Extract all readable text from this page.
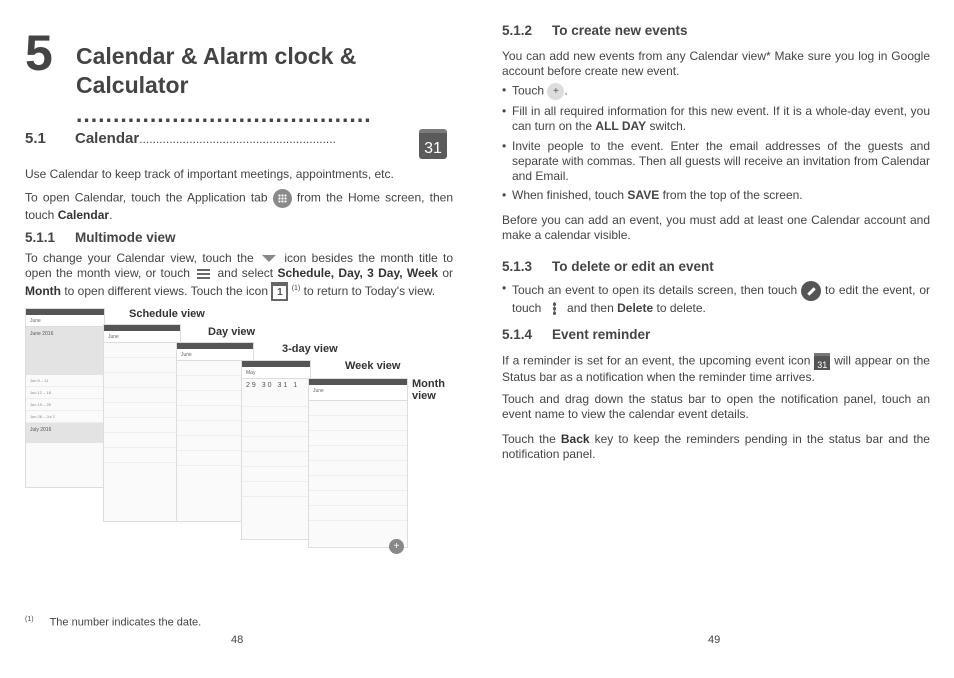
5 Calendar & Alarm clock &
Calculator ........................................
5.1 Calendar...........................................................
31
Use Calendar to keep track of important meetings, appointments, etc.
To open Calendar, touch the Application tab from the Home screen, then touch Calendar.
5.1.1 Multimode view
To change your Calendar view, touch the	icon besides the month title to open the month view, or touch and select Schedule, Day, 3 Day, Week or Month to open different views. Touch the icon 1 $^{(1)}$ to return to Today's view.
June
June 2016
Jun 5 – 11
Jun 12 – 18
Jun 19 – 25
Jun 26 – Jul 2
July 2016
Schedule view
June	Day view
June	3-day view
May
29 30 31 1
Week view
June
Month view
+
$^{(1)}$ The number indicates the date.
48
5.1.2 To create new events
You can add new events from any Calendar view* Make sure you log in Google account before create new event.
• Touch + .
• Fill in all required information for this new event. If it is a whole-day event, you can turn on the ALL DAY switch.
• Invite people to the event. Enter the email addresses of the guests and separate with commas. Then all guests will receive an invitation from Calendar and Email.
• When finished, touch SAVE from the top of the screen.
Before you can add an event, you must add at least one Calendar account and make a calendar visible.
5.1.3 To delete or edit an event
• Touch an event to open its details screen, then touch to edit the event, or touch and then Delete to delete.
5.1.4 Event reminder
If a reminder is set for an event, the upcoming event icon 31 will appear on the Status bar as a notification when the reminder time arrives.
Touch and drag down the status bar to open the notification panel, touch an event name to view the calendar event details.
Touch the Back key to keep the reminders pending in the status bar and the notification panel.
49
